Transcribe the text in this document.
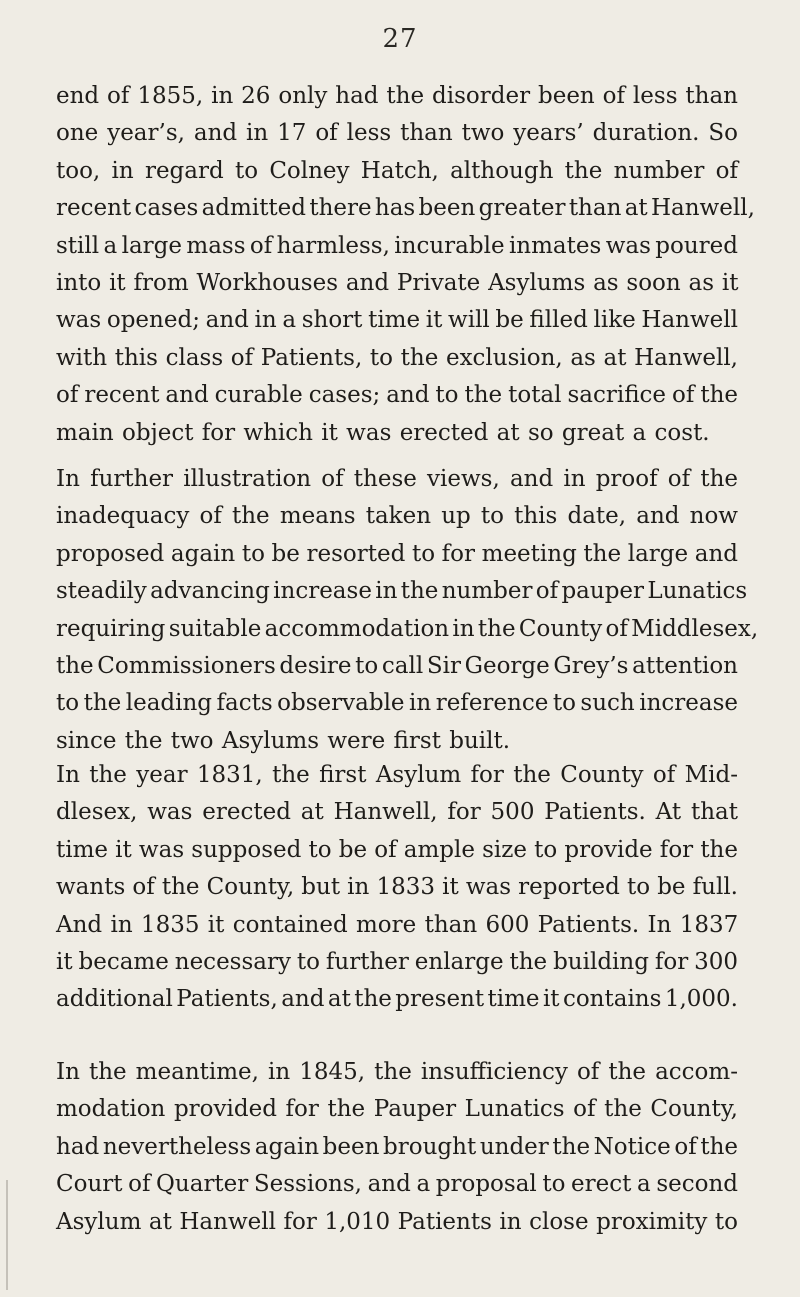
27
end of 1855, in 26 only had the disorder been of less than
one year’s, and in 17 of less than two years’ duration. So
too, in regard to Colney Hatch, although the number of
recent cases admitted there has been greater than at Hanwell,
still a large mass of harmless, incurable inmates was poured
into it from Workhouses and Private Asylums as soon as it
was opened; and in a short time it will be filled like Hanwell
with this class of Patients, to the exclusion, as at Hanwell,
of recent and curable cases; and to the total sacrifice of the
main object for which it was erected at so great a cost.
In further illustration of these views, and in proof of the
inadequacy of the means taken up to this date, and now
proposed again to be resorted to for meeting the large and
steadily advancing increase in the number of pauper Lunatics
requiring suitable accommodation in the County of Middlesex,
the Commissioners desire to call Sir George Grey’s attention
to the leading facts observable in reference to such increase
since the two Asylums were first built.
In the year 1831, the first Asylum for the County of Mid-
dlesex, was erected at Hanwell, for 500 Patients. At that
time it was supposed to be of ample size to provide for the
wants of the County, but in 1833 it was reported to be full.
And in 1835 it contained more than 600 Patients. In 1837
it became necessary to further enlarge the building for 300
additional Patients, and at the present time it contains 1,000.
In the meantime, in 1845, the insufficiency of the accom-
modation provided for the Pauper Lunatics of the County,
had nevertheless again been brought under the Notice of the
Court of Quarter Sessions, and a proposal to erect a second
Asylum at Hanwell for 1,010 Patients in close proximity to
